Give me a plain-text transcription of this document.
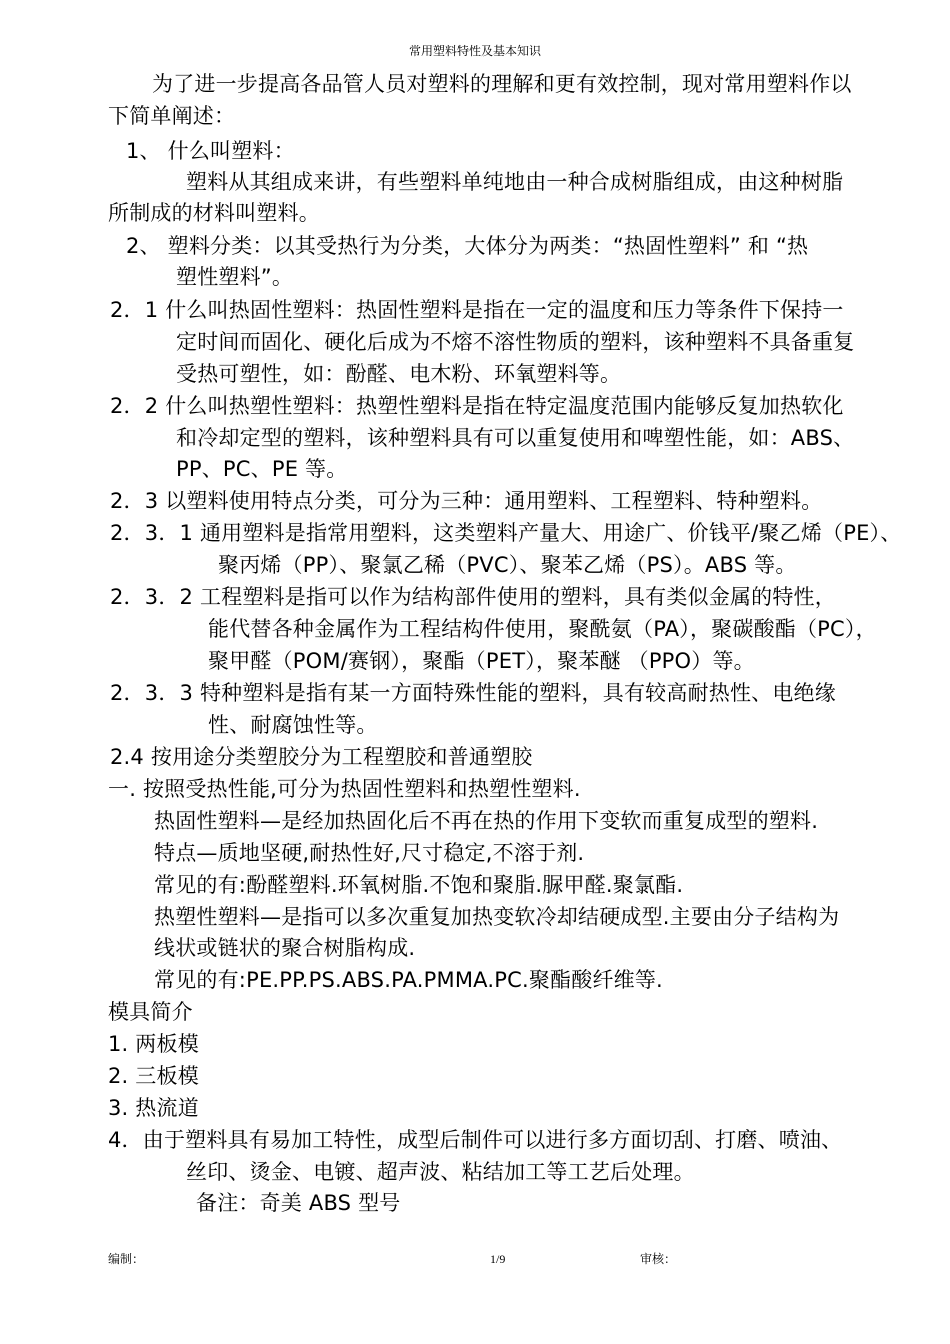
常用塑料特性及基本知识
为了进一步提高各品管人员对塑料的理解和更有效控制，现对常用塑料作以
下简单阐述：
1、 什么叫塑料：
塑料从其组成来讲，有些塑料单纯地由一种合成树脂组成，由这种树脂
所制成的材料叫塑料。
2、 塑料分类：以其受热行为分类，大体分为两类：“热固性塑料” 和 “热
塑性塑料”。
2．1 什么叫热固性塑料：热固性塑料是指在一定的温度和压力等条件下保持一
定时间而固化、硬化后成为不熔不溶性物质的塑料，该种塑料不具备重复
受热可塑性，如：酚醛、电木粉、环氧塑料等。
2．2 什么叫热塑性塑料：热塑性塑料是指在特定温度范围内能够反复加热软化
和冷却定型的塑料，该种塑料具有可以重复使用和啤塑性能，如：ABS、
PP、PC、PE 等。
2．3 以塑料使用特点分类，可分为三种：通用塑料、工程塑料、特种塑料。
2．3．1 通用塑料是指常用塑料，这类塑料产量大、用途广、价钱平/聚乙烯（PE）、
聚丙烯（PP）、聚氯乙稀（PVC）、聚苯乙烯（PS）。ABS 等。
2．3．2 工程塑料是指可以作为结构部件使用的塑料，具有类似金属的特性，
能代替各种金属作为工程结构件使用，聚酰氨（PA），聚碳酸酯（PC），
聚甲醛（POM/赛钢），聚酯（PET），聚苯醚 （PPO）等。
2．3．3 特种塑料是指有某一方面特殊性能的塑料，具有较高耐热性、电绝缘
性、耐腐蚀性等。
2.4 按用途分类塑胶分为工程塑胶和普通塑胶
一. 按照受热性能,可分为热固性塑料和热塑性塑料.
热固性塑料—是经加热固化后不再在热的作用下变软而重复成型的塑料.
特点—质地坚硬,耐热性好,尺寸稳定,不溶于剂.
常见的有:酚醛塑料.环氧树脂.不饱和聚脂.脲甲醛.聚氯酯.
热塑性塑料—是指可以多次重复加热变软冷却结硬成型.主要由分子结构为
线状或链状的聚合树脂构成.
常见的有:PE.PP.PS.ABS.PA.PMMA.PC.聚酯酸纤维等.
模具简介
1. 两板模
2. 三板模
3. 热流道
4．由于塑料具有易加工特性，成型后制件可以进行多方面切刮、打磨、喷油、
丝印、烫金、电镀、超声波、粘结加工等工艺后处理。
备注：奇美 ABS 型号
编制：	1/9	审核：
